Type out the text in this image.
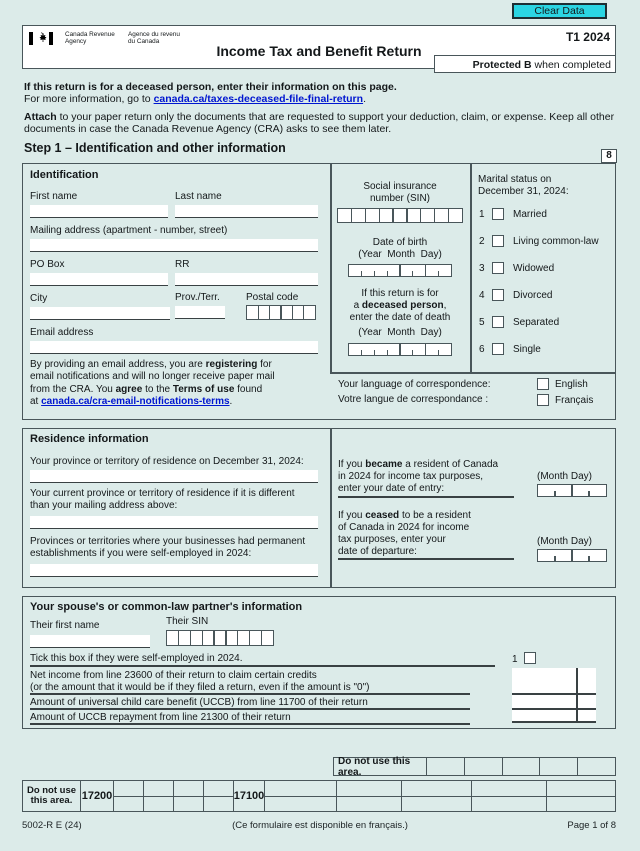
Clear Data
Canada Revenue
Agency
Agence du revenu
du Canada	T1 2024
Income Tax and Benefit Return
Protected B when completed
If this return is for a deceased person, enter their information on this page.
For more information, go to canada.ca/taxes-deceased-file-final-return.
Attach to your paper return only the documents that are requested to support your deduction, claim, or expense. Keep all other
documents in case the Canada Revenue Agency (CRA) asks to see them later.
Step 1 – Identification and other information
8
Identification
First name	Last name
Mailing address (apartment - number, street)
PO Box	RR
City	Prov./Terr.	Postal code
Email address
By providing an email address, you are registering for
email notifications and will no longer receive paper mail
from the CRA. You agree to the Terms of use found
at canada.ca/cra-email-notifications-terms.
Social insurance
number (SIN)
Date of birth
(Year  Month  Day)
If this return is for
a deceased person,
enter the date of death
(Year  Month  Day)
Your language of correspondence:
Votre langue de correspondance :
English
Français
Marital status on
December 31, 2024:
1	Married
2	Living common-law
3	Widowed
4	Divorced
5	Separated
6	Single
Residence information
Your province or territory of residence on December 31, 2024:
Your current province or territory of residence if it is different
than your mailing address above:
Provinces or territories where your businesses had permanent
establishments if you were self-employed in 2024:
If you became a resident of Canada
in 2024 for income tax purposes,
enter your date of entry:
(Month Day)
If you ceased to be a resident
of Canada in 2024 for income
tax purposes, enter your
date of departure:
(Month Day)
Your spouse's or common-law partner's information
Their first name	Their SIN
Tick this box if they were self-employed in 2024.	1
Net income from line 23600 of their return to claim certain credits
(or the amount that it would be if they filed a return, even if the amount is "0")
Amount of universal child care benefit (UCCB) from line 11700 of their return
Amount of UCCB repayment from line 21300 of their return
Do not use this area.
Do not use
this area. 17200	17100
5002-R E (24)	(Ce formulaire est disponible en français.)	Page 1 of 8
